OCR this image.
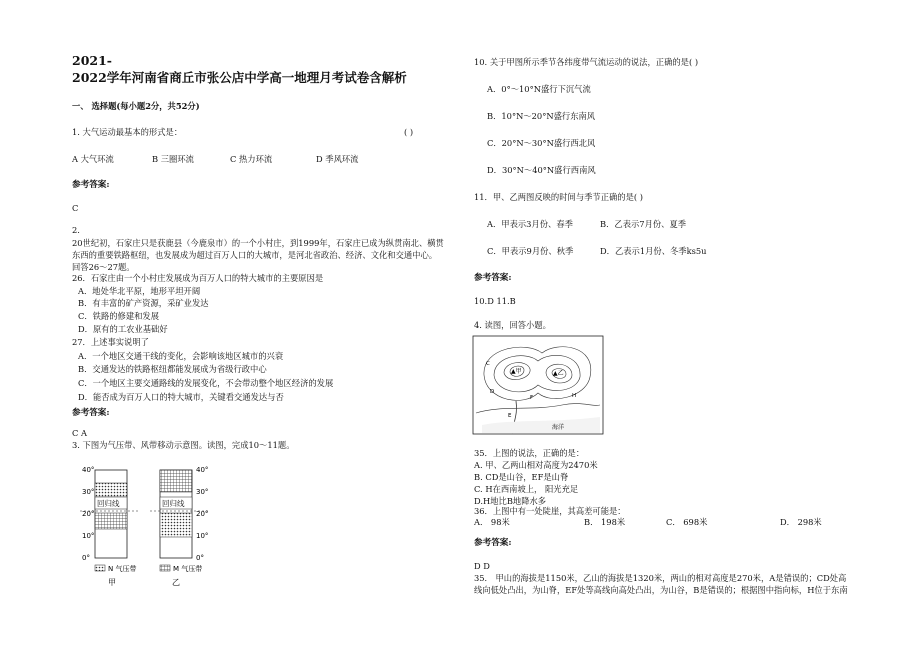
2021-
2022学年河南省商丘市张公店中学高一地理月考试卷含解析
一、 选择题(每小题2分，共52分)
1. 大气运动最基本的形式是：	( )
A 大气环流	B 三圈环流	C 热力环流	D 季风环流
参考答案:
C
2.
20世纪初，石家庄只是获鹿县（今鹿泉市）的一个小村庄，到1999年，石家庄已成为纵贯南北、横贯
东西的重要铁路枢纽，也发展成为超过百万人口的大城市，是河北省政治、经济、文化和交通中心。
回答26～27题。
26．石家庄由一个小村庄发展成为百万人口的特大城市的主要原因是
A．地处华北平原，地形平坦开阔
B．有丰富的矿产资源，采矿业发达
C．铁路的修建和发展
D．原有的工农业基础好
27．上述事实说明了
A．一个地区交通干线的变化，会影响该地区城市的兴衰
B．交通发达的铁路枢纽都能发展成为省级行政中心
C．一个地区主要交通路线的发展变化，不会带动整个地区经济的发展
D．能否成为百万人口的特大城市，关键看交通发达与否
参考答案:
C A
3. 下图为气压带、风带移动示意图。读图，完成10～11题。
回归线	回归线
40°
30°
20°
10°
0°
40°
30°
20°
10°
0°
N 气压带	M 气压带
甲	乙
10. 关于甲图所示季节各纬度带气流运动的说法，正确的是( )
A．0°～10°N盛行下沉气流
B．10°N～20°N盛行东南风
C．20°N～30°N盛行西北风
D．30°N～40°N盛行西南风
11．甲、乙两图反映的时间与季节正确的是( )
A．甲表示3月份、春季	B．乙表示7月份、夏季
C．甲表示9月份、秋季	D．乙表示1月份、冬季ks5u
参考答案:
10.D 11.B
4. 读图，回答小题。
▲甲	▲乙
海洋
E
C
H
F
D
35．上图的说法，正确的是：
A. 甲、乙两山相对高度为2470米
B. CD是山谷，EF是山脊
C. H在西南坡上， 阳光充足
D.H地比B地降水多
36．上图中有一处陡崖，其高差可能是：
A． 98米	B． 198米	C． 698米	D． 298米
参考答案:
D D
35． 甲山的海拔是1150米，乙山的海拔是1320米，两山的相对高度是270米，A是错误的；CD处高
线向低处凸出，为山脊，EF处等高线向高处凸出，为山谷，B是错误的；根据图中指向标，H位于东南
